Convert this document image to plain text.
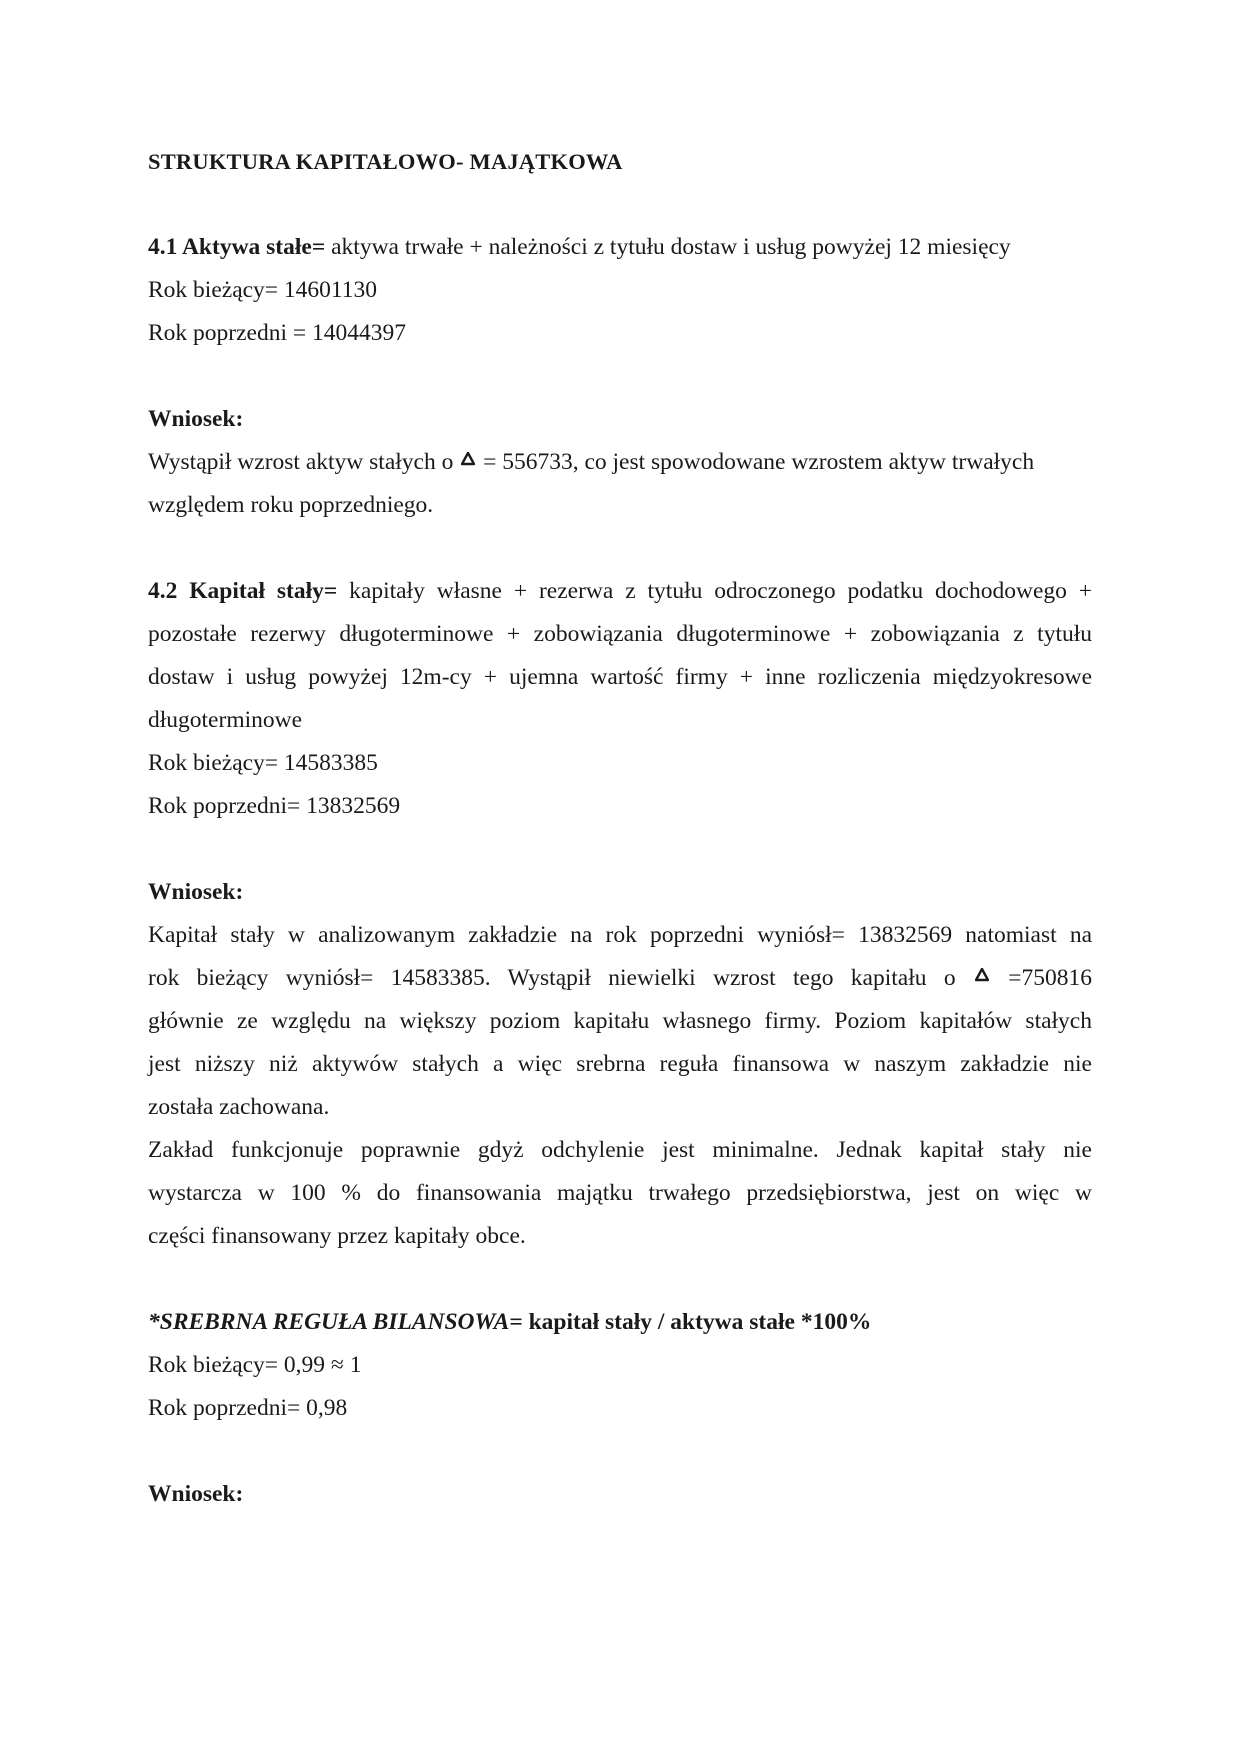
STRUKTURA KAPITAŁOWO- MAJĄTKOWA
4.1 Aktywa stałe= aktywa trwałe + należności z tytułu dostaw i usług powyżej 12 miesięcy
Rok bieżący= 14601130
Rok poprzedni = 14044397
Wniosek:
Wystąpił wzrost aktyw stałych o = 556733, co jest spowodowane wzrostem aktyw trwałych
względem roku poprzedniego.
4.2 Kapitał stały= kapitały własne + rezerwa z tytułu odroczonego podatku dochodowego +
pozostałe rezerwy długoterminowe + zobowiązania długoterminowe + zobowiązania z tytułu
dostaw i usług powyżej 12m-cy + ujemna wartość firmy + inne rozliczenia międzyokresowe
długoterminowe
Rok bieżący= 14583385
Rok poprzedni= 13832569
Wniosek:
Kapitał stały w analizowanym zakładzie na rok poprzedni wyniósł= 13832569 natomiast na
rok bieżący wyniósł= 14583385. Wystąpił niewielki wzrost tego kapitału o =750816
głównie ze względu na większy poziom kapitału własnego firmy. Poziom kapitałów stałych
jest niższy niż aktywów stałych a więc srebrna reguła finansowa w naszym zakładzie nie
została zachowana.
Zakład funkcjonuje poprawnie gdyż odchylenie jest minimalne. Jednak kapitał stały nie
wystarcza w 100 % do finansowania majątku trwałego przedsiębiorstwa, jest on więc w
części finansowany przez kapitały obce.
*SREBRNA REGUŁA BILANSOWA= kapitał stały / aktywa stałe *100%
Rok bieżący= 0,99 ≈ 1
Rok poprzedni= 0,98
Wniosek:
